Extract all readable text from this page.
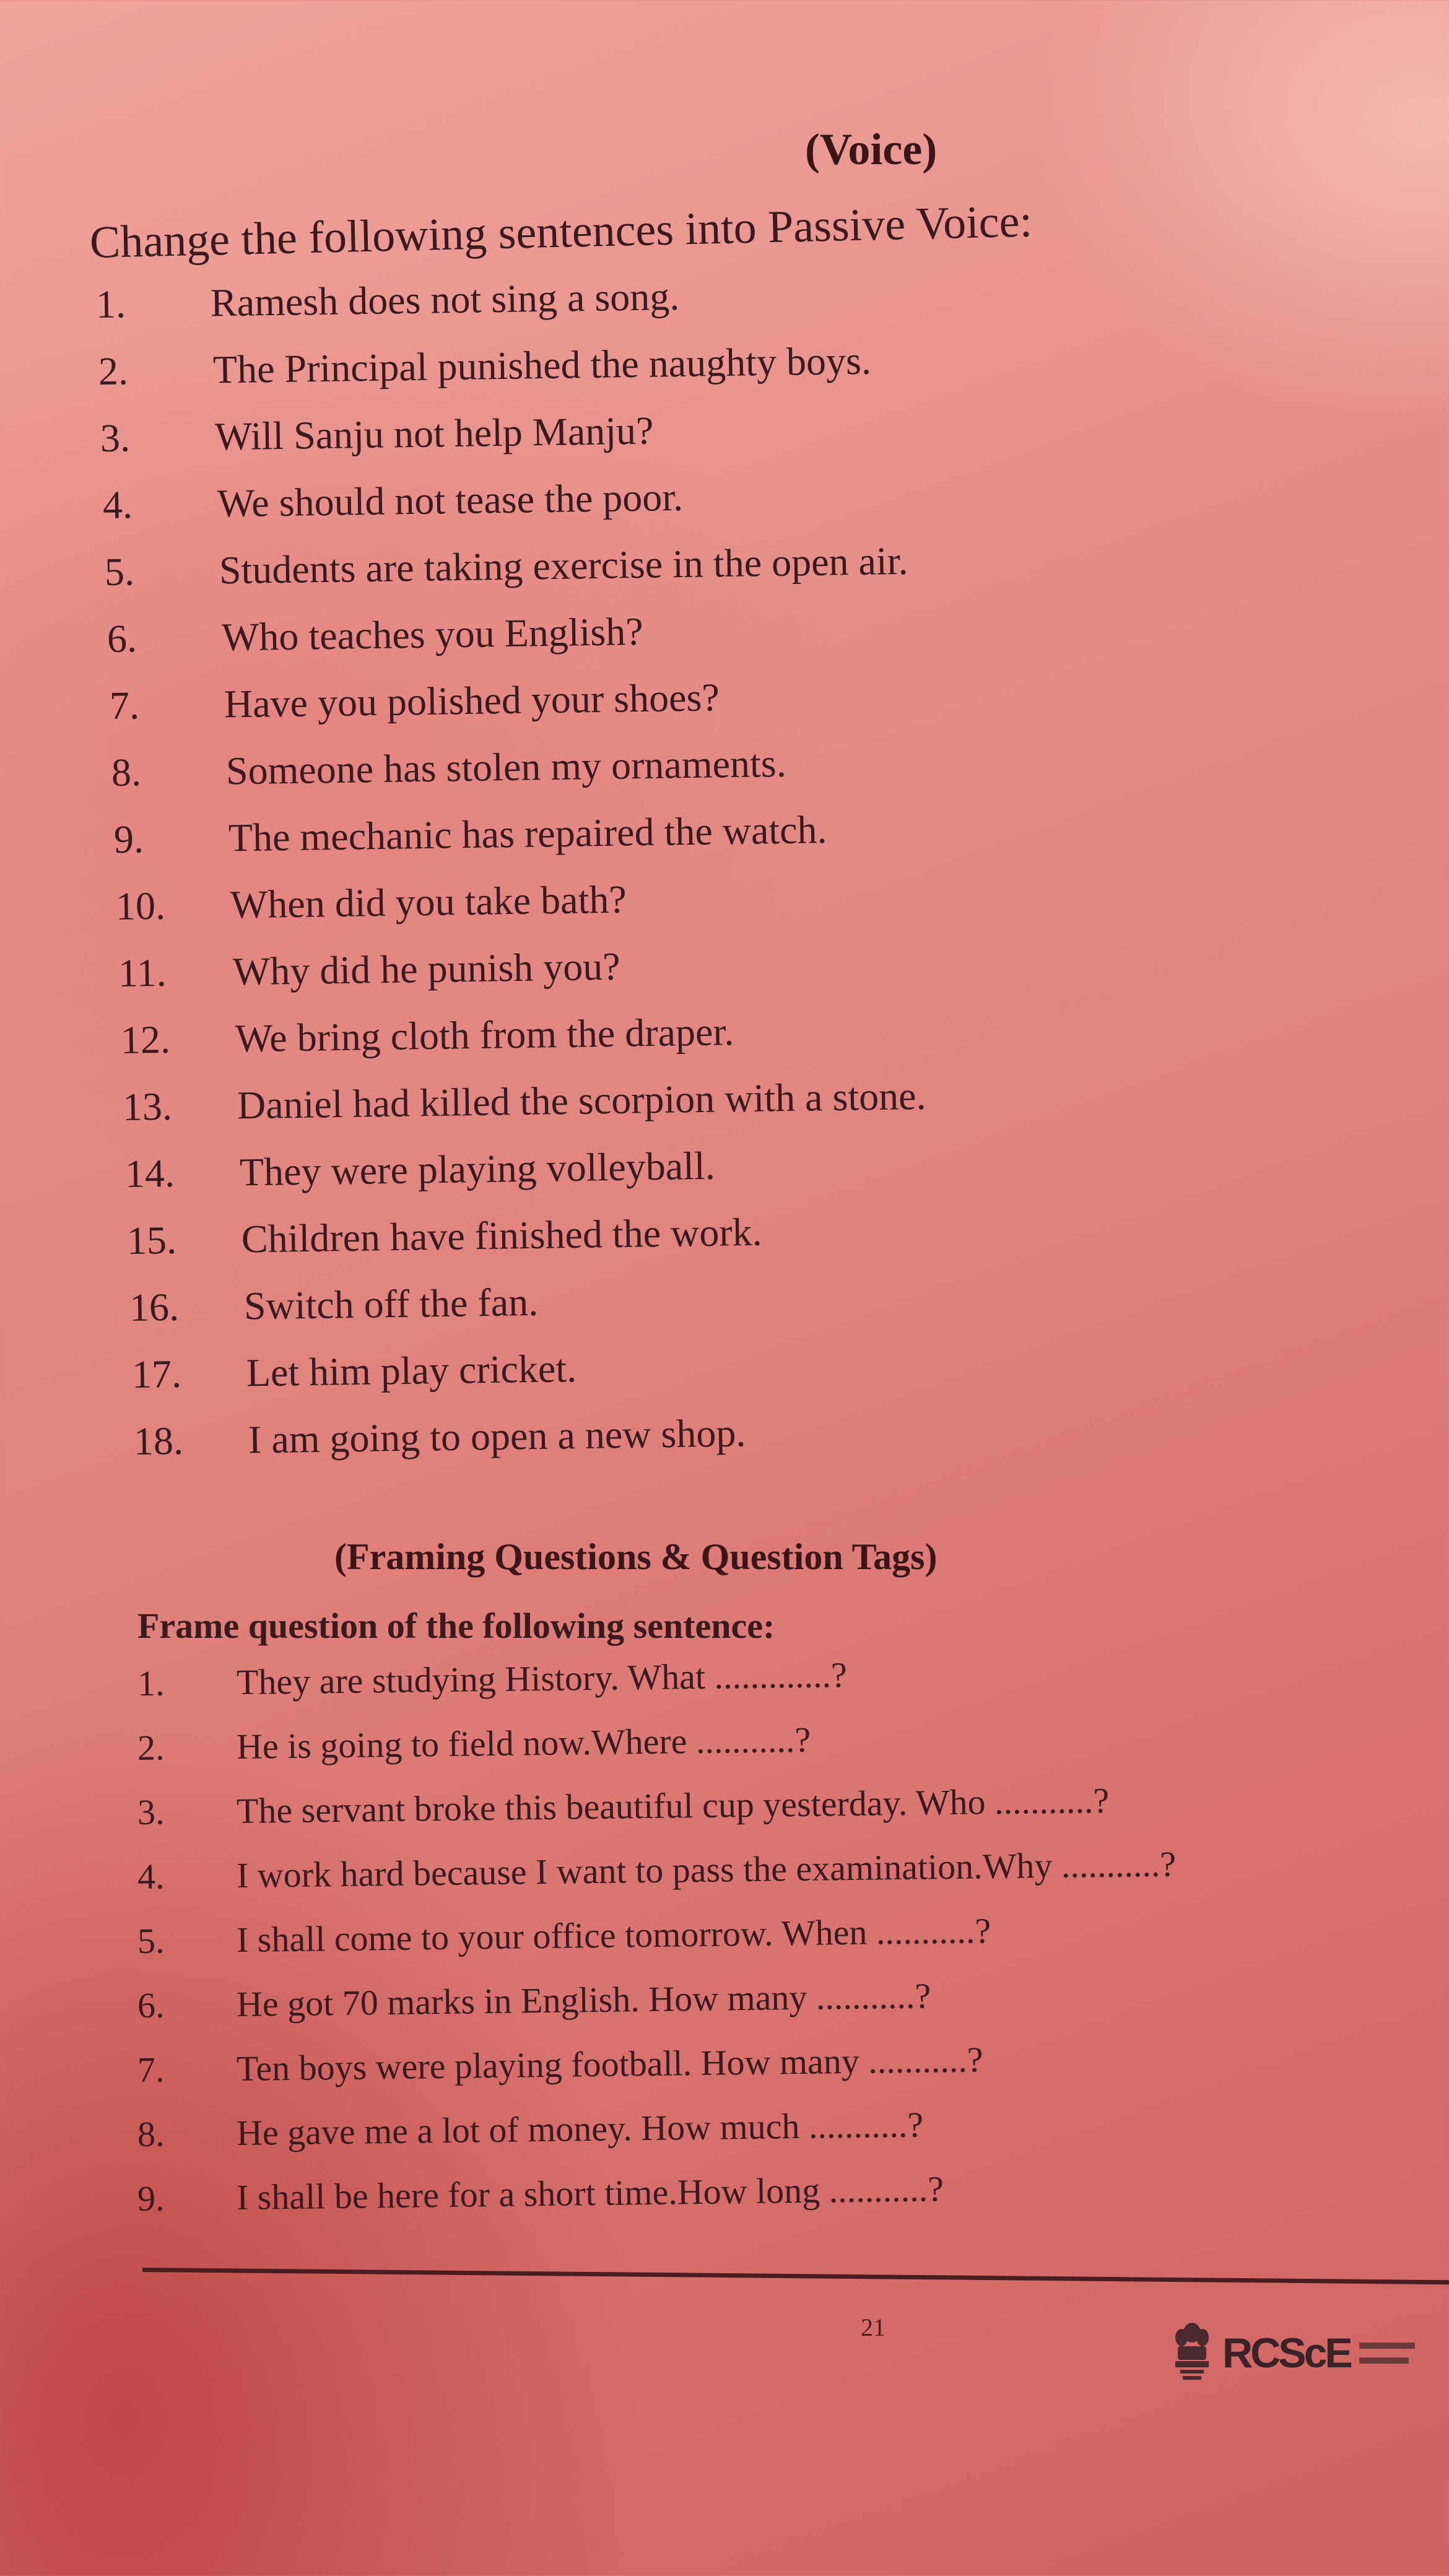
(Voice)
Change the following sentences into Passive Voice:
1. Ramesh does not sing a song.
2. The Principal punished the naughty boys.
3. Will Sanju not help Manju?
4. We should not tease the poor.
5. Students are taking exercise in the open air.
6. Who teaches you English?
7. Have you polished your shoes?
8. Someone has stolen my ornaments.
9. The mechanic has repaired the watch.
10. When did you take bath?
11. Why did he punish you?
12. We bring cloth from the draper.
13. Daniel had killed the scorpion with a stone.
14. They were playing volleyball.
15. Children have finished the work.
16. Switch off the fan.
17. Let him play cricket.
18. I am going to open a new shop.
(Framing Questions & Question Tags)
Frame question of the following sentence:
1. They are studying History. What .............?
2. He is going to field now.Where ...........?
3. The servant broke this beautiful cup yesterday. Who ...........?
4. I work hard because I want to pass the examination.Why ...........?
5. I shall come to your office tomorrow. When ...........?
6. He got 70 marks in English. How many ...........?
7. Ten boys were playing football. How many ...........?
8. He gave me a lot of money. How much ...........?
9. I shall be here for a short time.How long ...........?
21
RCScE
